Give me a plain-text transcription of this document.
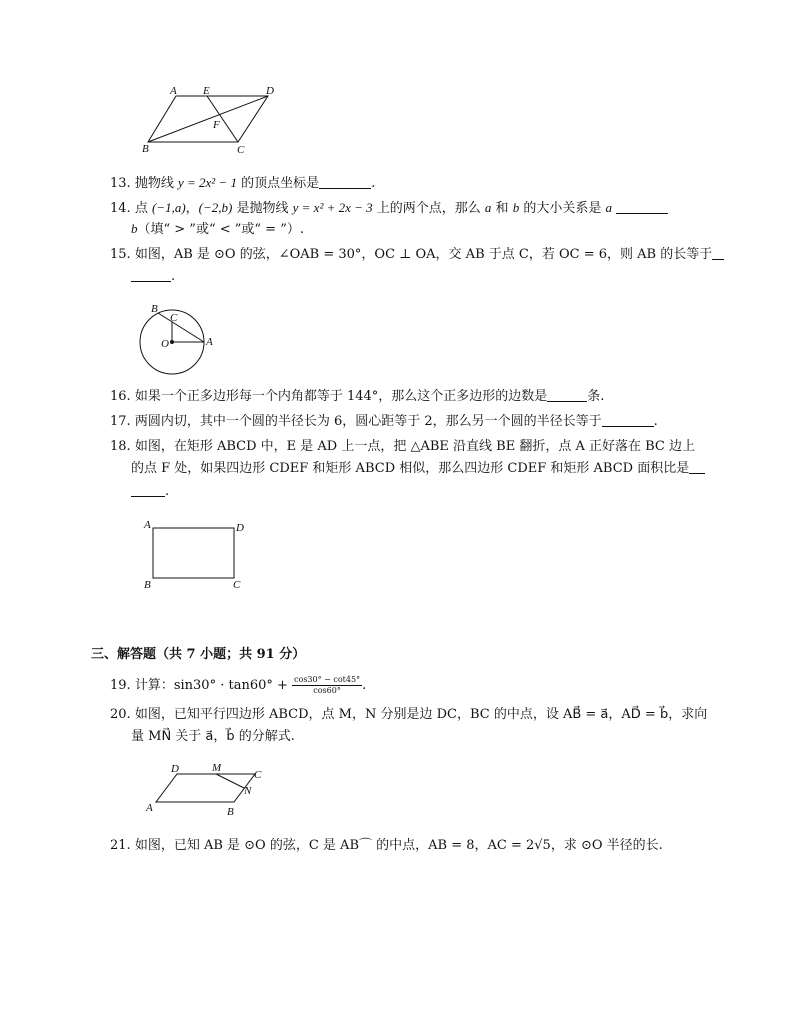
A E	D
F
B	C
13. 抛物线 y = 2x² − 1 的顶点坐标是	.
14. 点 (−1,a)，(−2,b) 是抛物线 y = x² + 2x − 3 上的两个点，那么 a 和 b 的大小关系是 a
b（填“ > ”或“ < ”或“ = ”）.
15. 如图，AB 是 ⊙O 的弦，∠OAB = 30°，OC ⊥ OA，交 AB 于点 C，若 OC = 6，则 AB 的长等于
.
B
C
O	A
16. 如果一个正多边形每一个内角都等于 144°，那么这个正多边形的边数是	条.
17. 两圆内切，其中一个圆的半径长为 6，圆心距等于 2，那么另一个圆的半径长等于	.
18. 如图，在矩形 ABCD 中，E 是 AD 上一点，把 △ABE 沿直线 BE 翻折，点 A 正好落在 BC 边上
的点 F 处，如果四边形 CDEF 和矩形 ABCD 相似，那么四边形 CDEF 和矩形 ABCD 面积比是
.
A	D
B	C
三、解答题（共 7 小题；共 91 分）
19. 计算：$\sin 30^\circ \cdot \tan 60^\circ + \frac{\cos 30^\circ - \cot 45^\circ}{\cos 60^\circ}$ .
20. 如图，已知平行四边形 ABCD，点 M，N 分别是边 DC，BC 的中点，设 AB⃗ = a⃗，AD⃗ = b⃗，求向
量 MN⃗ 关于 a⃗，b⃗ 的分解式.
D	M
C
N
A	B
21. 如图，已知 AB 是 ⊙O 的弦，C 是 AB⌒ 的中点，AB = 8，AC = 2√5，求 ⊙O 半径的长.
